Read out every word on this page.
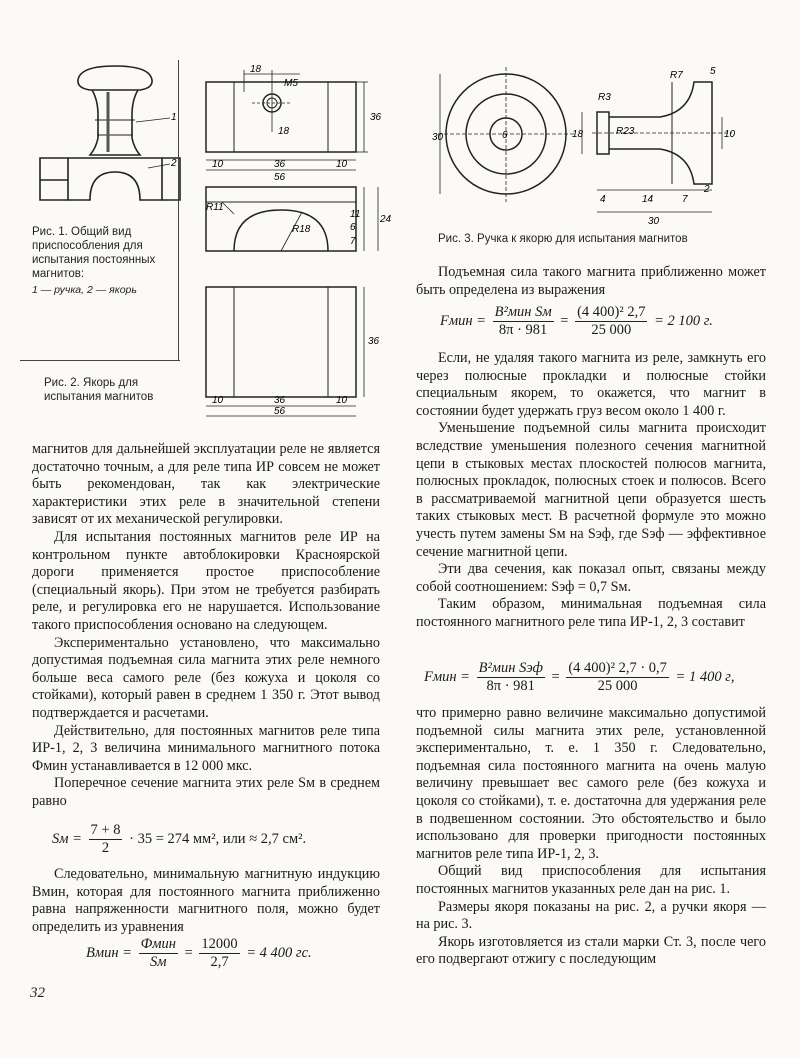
1
2
Рис. 1. Общий вид приспособления для испытания постоянных магнитов:
1 — ручка, 2 — якорь
18
M5
18
36
10	36	10
56
R11
R18
11
6
7
24
36
10	36	10
56
Рис. 2. Якорь для испытания магнитов
30	6
R3
R7
R23
5
18	10
4	14	7
2
30
Рис. 3. Ручка к якорю для испытания магнитов

магнитов для дальнейшей эксплуатации реле не является достаточно точным, а для реле типа ИР совсем не может быть рекомендован, так как электрические характеристики этих реле в значительной степени зависят от их механической регулировки.

Для испытания постоянных магнитов реле ИР на контрольном пункте автоблокировки Красноярской дороги применяется простое приспособление (специальный якорь). При этом не требуется разбирать реле, и регулировка его не нарушается. Использование такого приспособления основано на следующем.

Экспериментально установлено, что максимально допустимая подъемная сила магнита этих реле немного больше веса самого реле (без кожуха и цоколя со стойками), который равен в среднем 1 350 г. Этот вывод подтверждается и расчетами.

Действительно, для постоянных магнитов реле типа ИР-1, 2, 3 величина минимального магнитного потока Фмин устанавливается в 12 000 мкс.

Поперечное сечение магнита этих реле Sм в среднем равно

Sм = $\frac{7 + 8}{2} \cdot 35 = 274$ мм², или ≈ 2,7 см².

Следовательно, минимальную магнитную индукцию Bмин, которая для постоянного магнита приближенно равна напряженности магнитного поля, можно будет определить из уравнения

Bмин = $\frac{\text{Фмин}}{Sм} = \frac{12000}{2,7} = 4$ 400 гс.

Подъемная сила такого магнита приближенно может быть определена из выражения

Fмин = $\frac{\text{B²мин Sм}}{8\pi \cdot 981} = \frac{\text{(4 400)² 2,7}}{25 000} = 2$ 100 г.

Если, не удаляя такого магнита из реле, замкнуть его через полюсные прокладки и полюсные стойки специальным якорем, то окажется, что магнит в состоянии будет удержать груз весом около 1 400 г.

Уменьшение подъемной силы магнита происходит вследствие уменьшения полезного сечения магнитной цепи в стыковых местах плоскостей полюсов магнита, полюсных прокладок, полюсных стоек и полюсов. Всего в рассматриваемой магнитной цепи образуется шесть таких стыковых мест. В расчетной формуле это можно учесть путем замены Sм на Sэф, где Sэф — эффективное сечение магнитной цепи.

Эти два сечения, как показал опыт, связаны между собой соотношением: Sэф = 0,7 Sм.

Таким образом, минимальная подъемная сила постоянного магнитного реле типа ИР-1, 2, 3 составит

Fмин = $\frac{\text{B²мин Sэф}}{8\pi \cdot 981} = \frac{\text{(4 400)² 2,7 · 0,7}}{25 000} = 1$ 400 г,

что примерно равно величине максимально допустимой подъемной силы магнита этих реле, установленной экспериментально, т. е. 1 350 г. Следовательно, подъемная сила постоянного магнита на очень малую величину превышает вес самого реле (без кожуха и цоколя со стойками), т. е. достаточна для удержания реле в подвешенном состоянии. Это обстоятельство и было использовано для проверки пригодности постоянных магнитов реле типа ИР-1, 2, 3.

Общий вид приспособления для испытания постоянных магнитов указанных реле дан на рис. 1.

Размеры якоря показаны на рис. 2, а ручки якоря — на рис. 3.

Якорь изготовляется из стали марки Ст. 3, после чего его подвергают отжигу с последующим

32
